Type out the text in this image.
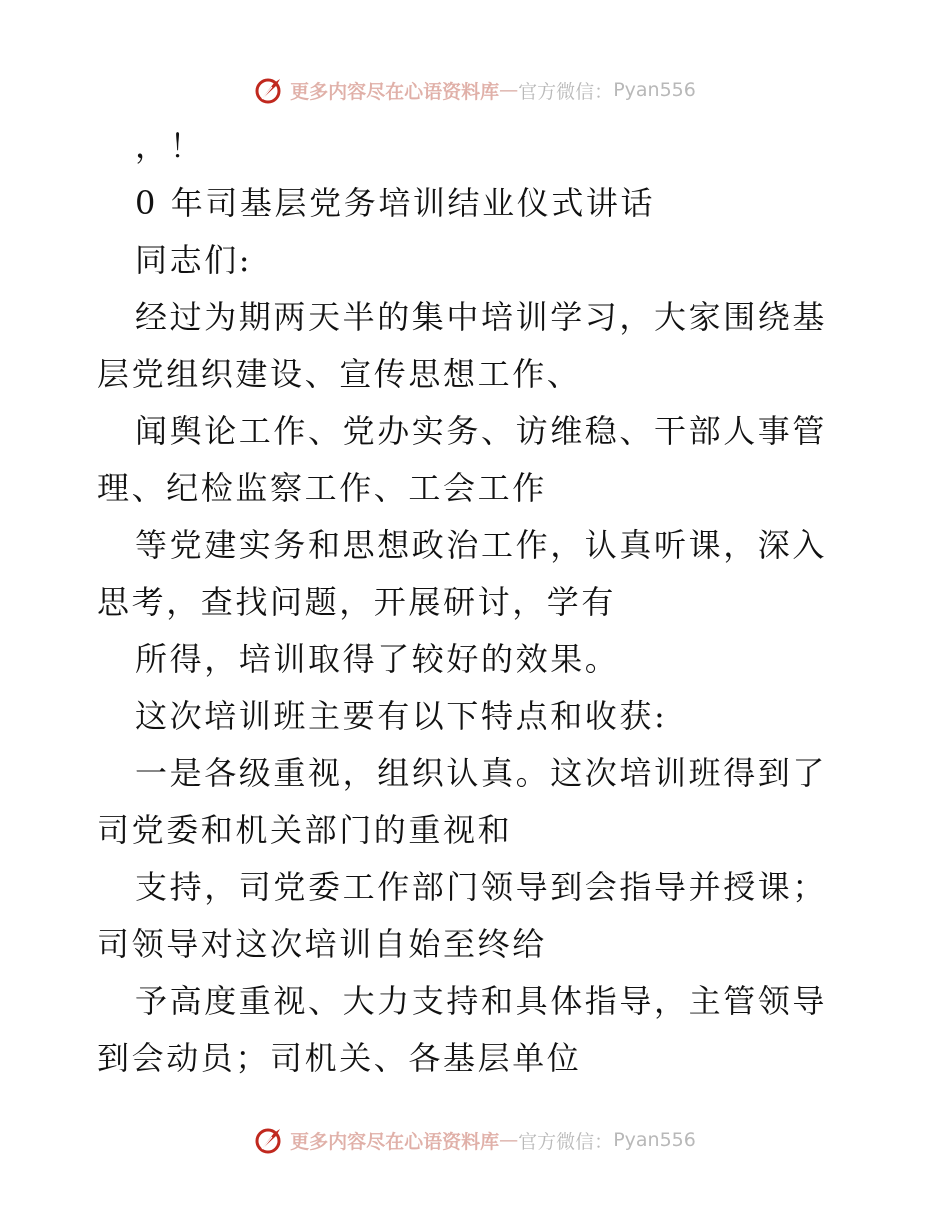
更多内容尽在心语资料库 — 官方微信： Pyan556

，！

0 年司基层党务培训结业仪式讲话

同志们:

经过为期两天半的集中培训学习，大家围绕基层党组织建设、宣传思想工作、

闻舆论工作、党办实务、访维稳、干部人事管理、纪检监察工作、工会工作

等党建实务和思想政治工作，认真听课，深入思考，查找问题，开展研讨，学有

所得，培训取得了较好的效果。

这次培训班主要有以下特点和收获:

一是各级重视，组织认真。这次培训班得到了司党委和机关部门的重视和

支持，司党委工作部门领导到会指导并授课；司领导对这次培训自始至终给

予高度重视、大力支持和具体指导，主管领导到会动员；司机关、各基层单位

更多内容尽在心语资料库 — 官方微信： Pyan556
